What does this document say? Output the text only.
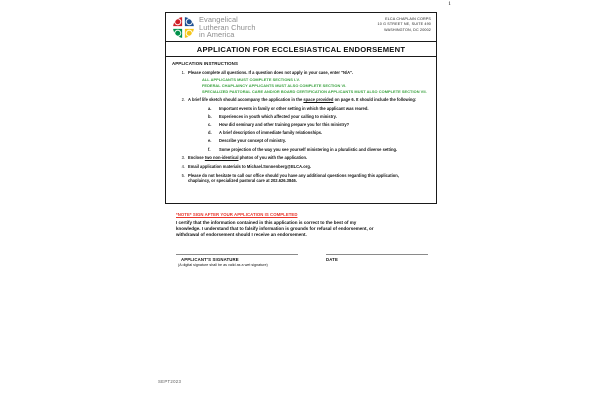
1
Evangelical
Lutheran Church
in America
ELCA CHAPLAIN CORPS
10 G STREET NE, SUITE 490
WASHINGTON, DC 20002
APPLICATION FOR ECCLESIASTICAL ENDORSEMENT
APPLICATION INSTRUCTIONS
1. Please complete all questions. If a question does not apply in your case, enter "N/A".
ALL APPLICANTS MUST COMPLETE SECTIONS I-V.
FEDERAL CHAPLAINCY APPLICANTS MUST ALSO COMPLETE SECTION VI.
SPECIALIZED PASTORAL CARE AND/OR BOARD CERTIFICATION APPLICANTS MUST ALSO COMPLETE SECTION VII.
2. A brief life sketch should accompany the application in the space provided on page 6. It should include the following:
a. Important events in family or other setting in which the applicant was reared.
b. Experiences in youth which affected your calling to ministry.
c. How did seminary and other training prepare you for this ministry?
d. A brief description of immediate family relationships.
e. Describe your concept of ministry.
f. Some projection of the way you see yourself ministering in a pluralistic and diverse setting.
3. Enclose two non-identical photos of you with the application.
4. Email application materials to Michael.Sonnenberg@ELCA.org.
5. Please do not hesitate to call our office should you have any additional questions regarding this application,
chaplaincy, or specialized pastoral care at 202.626.3846.
*NOTE* SIGN AFTER YOUR APPLICATION IS COMPLETED
I certify that the information contained in this application is correct to the best of my
knowledge. I understand that to falsify information is grounds for refusal of endorsement, or
withdrawal of endorsement should I receive an endorsement.
APPLICANT'S SIGNATURE	DATE
(A digital signature shall be as valid as a wet signature)
SEPT2023
